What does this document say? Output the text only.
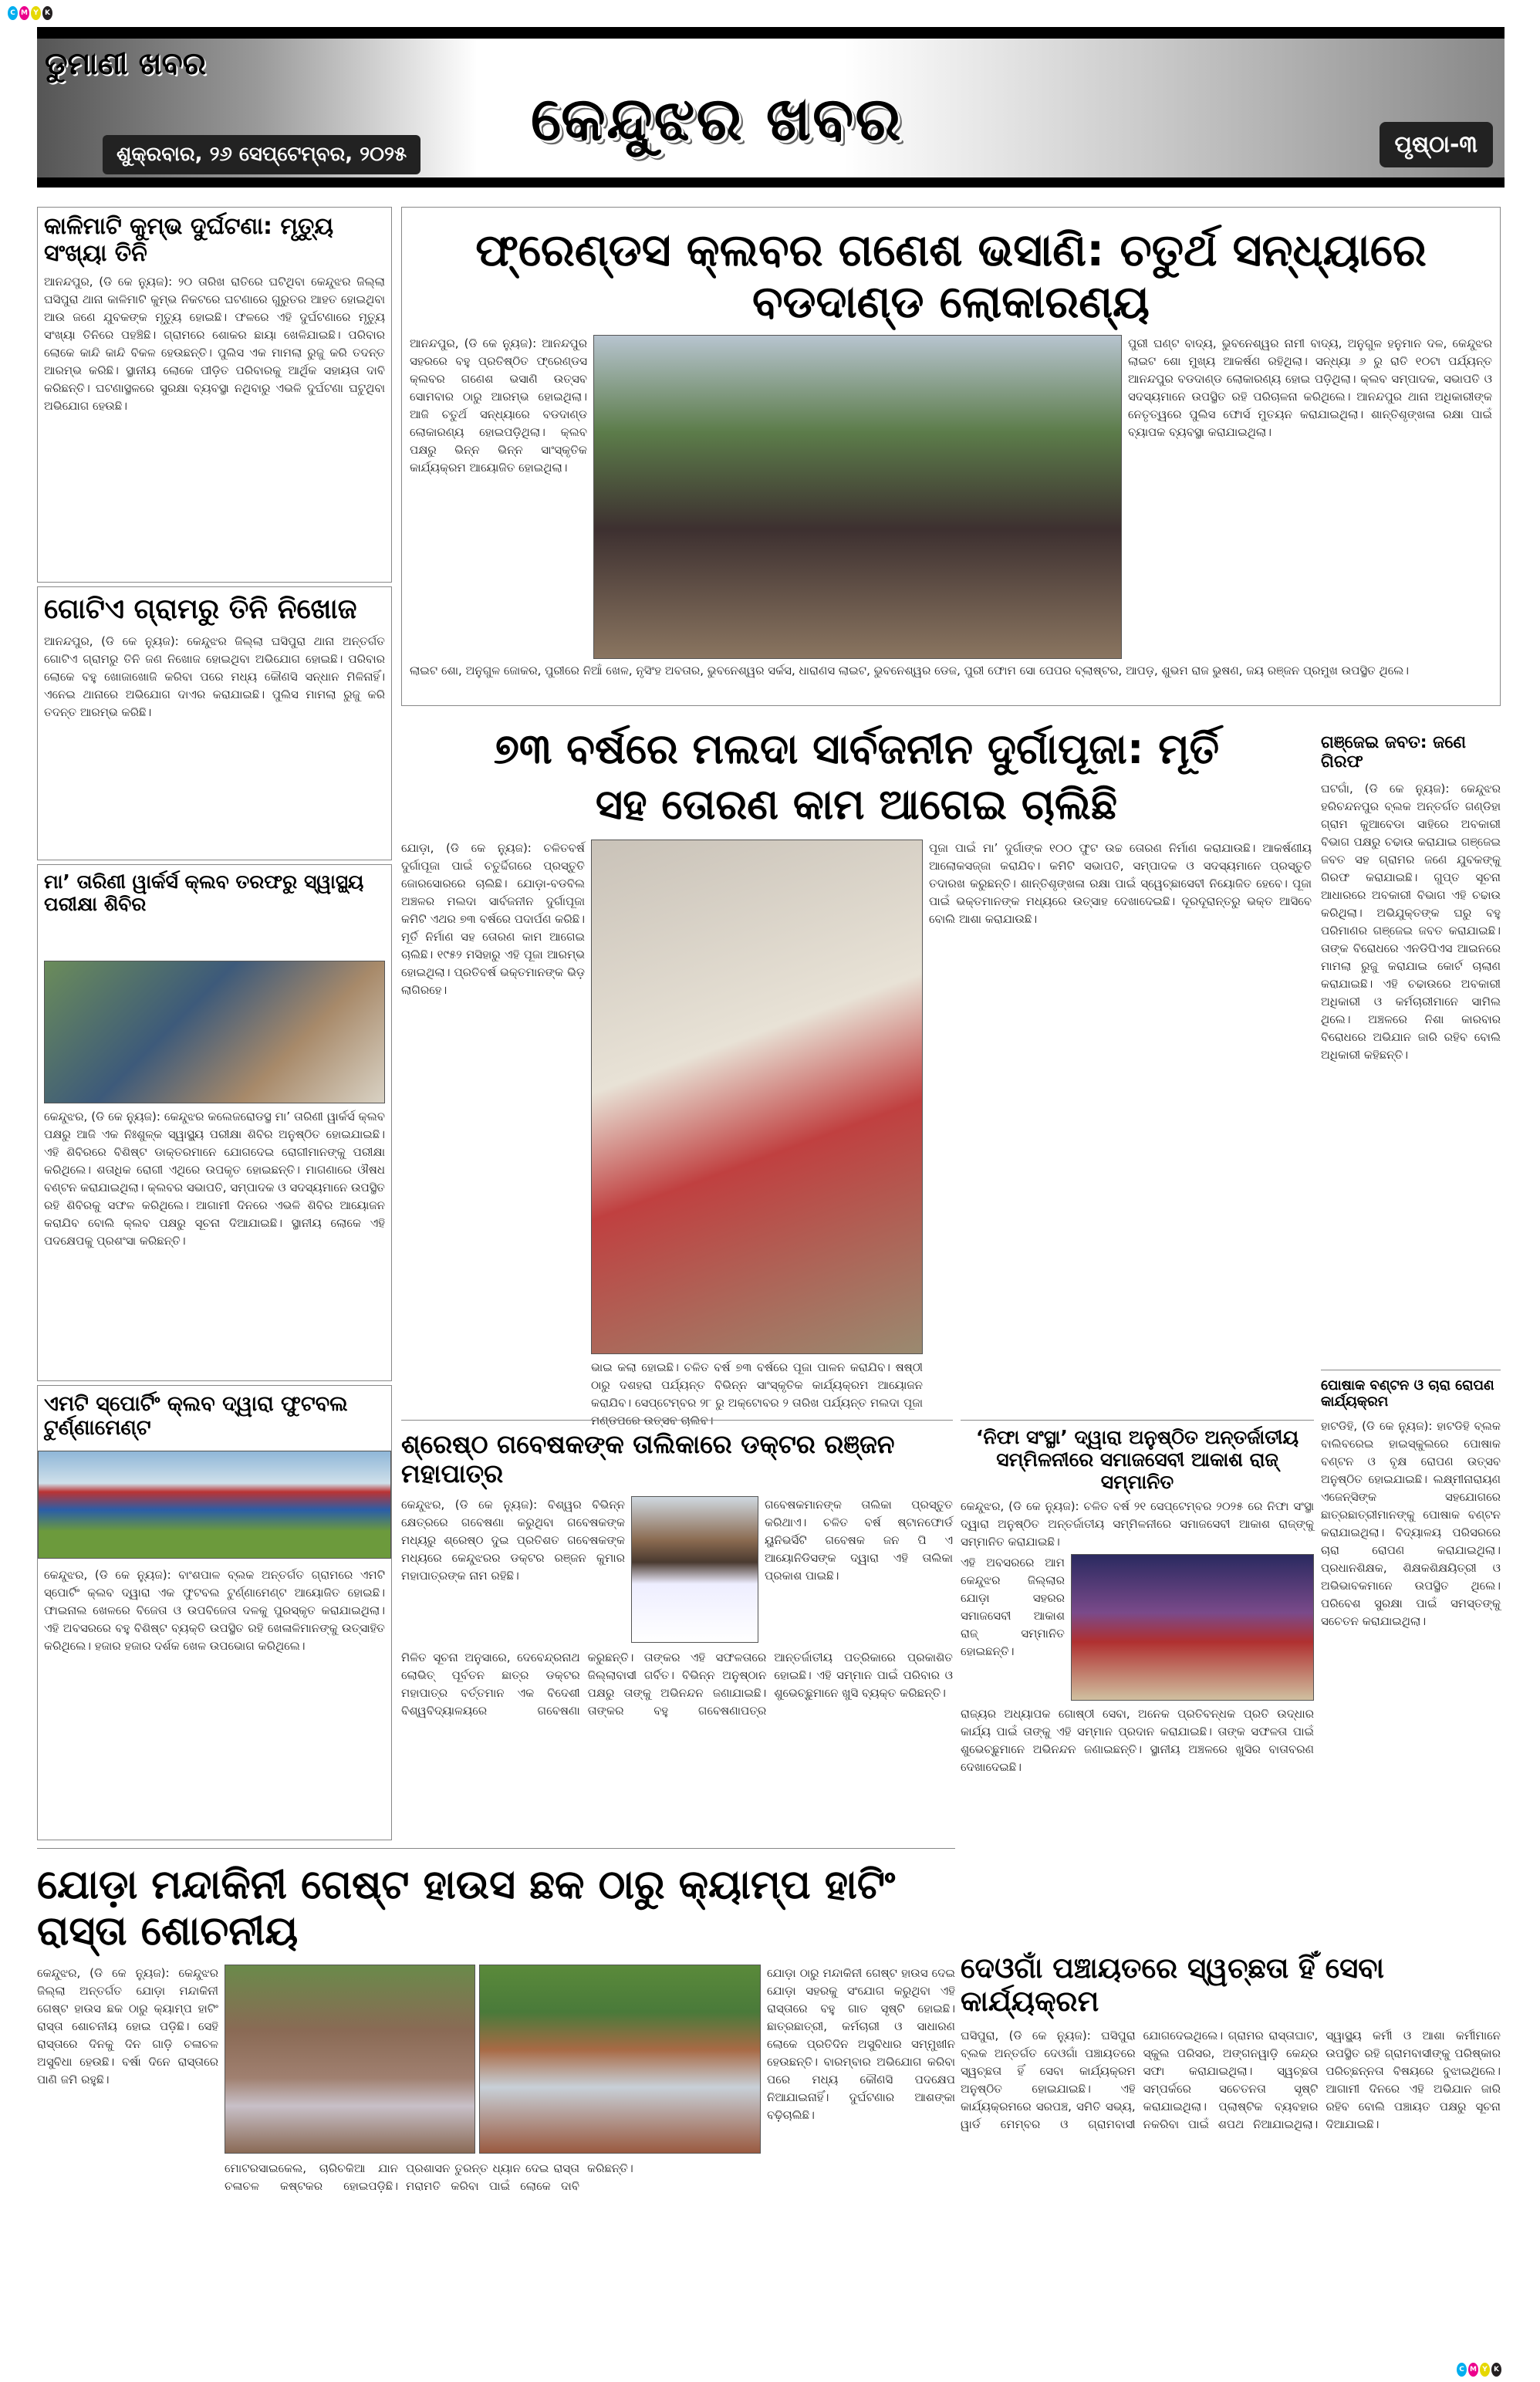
C M Y K
C M Y K
ଡୁମାଣୀ ଖବର
ଶୁକ୍ରବାର, ୨୬ ସେପ୍ଟେମ୍ବର, ୨୦୨୫ କେନ୍ଦୁଝର ଖବର	ପୃଷ୍ଠା-୩
କାଳିମାଟି କୁମ୍ଭ ଦୁର୍ଘଟଣା: ମୃତ୍ୟୁ ସଂଖ୍ୟା ତିନି
ଆନନ୍ଦପୁର, (ଡି କେ ନ୍ୟୁଜ): ୨୦ ତାରିଖ ରାତିରେ ଘଟିଥିବା କେନ୍ଦୁଝର ଜିଲ୍ଲା ଘସିପୁରା ଥାନା କାଳିମାଟି କୁମ୍ଭ ନିକଟରେ ଘଟଣାରେ ଗୁରୁତର ଆହତ ହୋଇଥିବା ଆଉ ଜଣେ ଯୁବକଙ୍କ ମୃତ୍ୟୁ ହୋଇଛି। ଫଳରେ ଏହି ଦୁର୍ଘଟଣାରେ ମୃତ୍ୟୁ ସଂଖ୍ୟା ତିନିରେ ପହଞ୍ଚିଛି। ଗ୍ରାମରେ ଶୋକର ଛାୟା ଖେଳିଯାଇଛି। ପରିବାର ଲୋକେ କାନ୍ଦି କାନ୍ଦି ବିକଳ ହେଉଛନ୍ତି। ପୁଲିସ ଏକ ମାମଲା ରୁଜୁ କରି ତଦନ୍ତ ଆରମ୍ଭ କରିଛି। ସ୍ଥାନୀୟ ଲୋକେ ପୀଡ଼ିତ ପରିବାରକୁ ଆର୍ଥିକ ସହାୟତା ଦାବି କରିଛନ୍ତି। ଘଟଣାସ୍ଥଳରେ ସୁରକ୍ଷା ବ୍ୟବସ୍ଥା ନଥିବାରୁ ଏଭଳି ଦୁର୍ଘଟଣା ଘଟୁଥିବା ଅଭିଯୋଗ ହେଉଛି।
ଗୋଟିଏ ଗ୍ରାମରୁ ତିନି ନିଖୋଜ
ଆନନ୍ଦପୁର, (ଡି କେ ନ୍ୟୁଜ): କେନ୍ଦୁଝର ଜିଲ୍ଲା ଘସିପୁରା ଥାନା ଅନ୍ତର୍ଗତ ଗୋଟିଏ ଗ୍ରାମରୁ ତିନି ଜଣ ନିଖୋଜ ହୋଇଥିବା ଅଭିଯୋଗ ହୋଇଛି। ପରିବାର ଲୋକେ ବହୁ ଖୋଜାଖୋଜି କରିବା ପରେ ମଧ୍ୟ କୌଣସି ସନ୍ଧାନ ମିଳିନାହିଁ। ଏନେଇ ଥାନାରେ ଅଭିଯୋଗ ଦାଏର କରାଯାଇଛି। ପୁଲିସ ମାମଲା ରୁଜୁ କରି ତଦନ୍ତ ଆରମ୍ଭ କରିଛି।
ମା’ ତାରିଣୀ ୱାର୍କର୍ସ କ୍ଲବ ତରଫରୁ ସ୍ୱାସ୍ଥ୍ୟ ପରୀକ୍ଷା ଶିବିର
କେନ୍ଦୁଝର, (ଡି କେ ନ୍ୟୁଜ): କେନ୍ଦୁଝର କଲେଜରୋଡସ୍ଥ ମା’ ତାରିଣୀ ୱାର୍କର୍ସ କ୍ଲବ ପକ୍ଷରୁ ଆଜି ଏକ ନିଃଶୁଳ୍କ ସ୍ୱାସ୍ଥ୍ୟ ପରୀକ୍ଷା ଶିବିର ଅନୁଷ୍ଠିତ ହୋଇଯାଇଛି। ଏହି ଶିବିରରେ ବିଶିଷ୍ଟ ଡାକ୍ତରମାନେ ଯୋଗଦେଇ ରୋଗୀମାନଙ୍କୁ ପରୀକ୍ଷା କରିଥିଲେ। ଶତାଧିକ ରୋଗୀ ଏଥିରେ ଉପକୃତ ହୋଇଛନ୍ତି। ମାଗଣାରେ ଔଷଧ ବଣ୍ଟନ କରାଯାଇଥିଲା। କ୍ଲବର ସଭାପତି, ସମ୍ପାଦକ ଓ ସଦସ୍ୟମାନେ ଉପସ୍ଥିତ ରହି ଶିବିରକୁ ସଫଳ କରିଥିଲେ। ଆଗାମୀ ଦିନରେ ଏଭଳି ଶିବିର ଆୟୋଜନ କରାଯିବ ବୋଲି କ୍ଲବ ପକ୍ଷରୁ ସୂଚନା ଦିଆଯାଇଛି। ସ୍ଥାନୀୟ ଲୋକେ ଏହି ପଦକ୍ଷେପକୁ ପ୍ରଶଂସା କରିଛନ୍ତି।
ଏମଟି ସ୍ପୋର୍ଟିଂ କ୍ଲବ ଦ୍ୱାରା ଫୁଟବଲ ଟୁର୍ଣ୍ଣାମେଣ୍ଟ
କେନ୍ଦୁଝର, (ଡି କେ ନ୍ୟୁଜ): ବାଂଶପାଳ ବ୍ଲକ ଅନ୍ତର୍ଗତ ଗ୍ରାମରେ ଏମଟି ସ୍ପୋର୍ଟିଂ କ୍ଲବ ଦ୍ୱାରା ଏକ ଫୁଟବଲ ଟୁର୍ଣ୍ଣାମେଣ୍ଟ ଆୟୋଜିତ ହୋଇଛି। ଫାଇନାଲ ଖେଳରେ ବିଜେତା ଓ ଉପବିଜେତା ଦଳକୁ ପୁରସ୍କୃତ କରାଯାଇଥିଲା। ଏହି ଅବସରରେ ବହୁ ବିଶିଷ୍ଟ ବ୍ୟକ୍ତି ଉପସ୍ଥିତ ରହି ଖେଳାଳିମାନଙ୍କୁ ଉତ୍ସାହିତ କରିଥିଲେ। ହଜାର ହଜାର ଦର୍ଶକ ଖେଳ ଉପଭୋଗ କରିଥିଲେ।
ଫ୍ରେଣ୍ଡସ କ୍ଲବର ଗଣେଶ ଭସାଣି: ଚତୁର୍ଥ ସନ୍ଧ୍ୟାରେ ବଡଦାଣ୍ଡ ଲୋକାରଣ୍ୟ
ଆନନ୍ଦପୁର, (ଡି କେ ନ୍ୟୁଜ): ଆନନ୍ଦପୁର ସହରରେ ବହୁ ପ୍ରତିଷ୍ଠିତ ଫ୍ରେଣ୍ଡସ କ୍ଲବର ଗଣେଶ ଭସାଣି ଉତ୍ସବ ସୋମବାର ଠାରୁ ଆରମ୍ଭ ହୋଇଥିଲା। ଆଜି ଚତୁର୍ଥ ସନ୍ଧ୍ୟାରେ ବଡଦାଣ୍ଡ ଲୋକାରଣ୍ୟ ହୋଇପଡ଼ିଥିଲା। କ୍ଲବ ପକ୍ଷରୁ ଭିନ୍ନ ଭିନ୍ନ ସାଂସ୍କୃତିକ କାର୍ଯ୍ୟକ୍ରମ ଆୟୋଜିତ ହୋଇଥିଲା।
ପୁରୀ ଘଣ୍ଟ ବାଦ୍ୟ, ଭୁବନେଶ୍ୱର ନାମୀ ବାଦ୍ୟ, ଅନୁଗୁଳ ହନୁମାନ ଦଳ, କେନ୍ଦୁଝର ଲାଇଟ ଶୋ ମୁଖ୍ୟ ଆକର୍ଷଣ ରହିଥିଲା। ସନ୍ଧ୍ୟା ୬ ରୁ ରାତି ୧୦ଟା ପର୍ଯ୍ୟନ୍ତ ଆନନ୍ଦପୁର ବଡଦାଣ୍ଡ ଲୋକାରଣ୍ୟ ହୋଇ ପଡ଼ିଥିଲା। କ୍ଲବ ସମ୍ପାଦକ, ସଭାପତି ଓ ସଦସ୍ୟମାନେ ଉପସ୍ଥିତ ରହି ପରିଚାଳନା କରିଥିଲେ। ଆନନ୍ଦପୁର ଥାନା ଅଧିକାରୀଙ୍କ ନେତୃତ୍ୱରେ ପୁଲିସ ଫୋର୍ସ ମୁତୟନ କରାଯାଇଥିଲା। ଶାନ୍ତିଶୃଙ୍ଖଳା ରକ୍ଷା ପାଇଁ ବ୍ୟାପକ ବ୍ୟବସ୍ଥା କରାଯାଇଥିଲା।
ଲାଇଟ ଶୋ, ଅନୁଗୁଳ ଜୋକର, ପୁରୀରେ ନିଆଁ ଖେଳ, ନୃସିଂହ ଅବତାର, ଭୁବନେଶ୍ୱର ସର୍କସ, ଧାରାଣସ ଲାଇଟ, ଭୁବନେଶ୍ୱର ଡେଜ, ପୁରୀ ଫୋମ ସୋ ପେପର ବ୍ଲାଷ୍ଟର, ଆପଡ଼, ଶୁଭମ ରାଜ ଭୁଷଣ, ଜୟ ରଞ୍ଜନ ପ୍ରମୁଖ ଉପସ୍ଥିତ ଥିଲେ।
୭୩ ବର୍ଷରେ ମଲଦା ସାର୍ବଜନୀନ ଦୁର୍ଗାପୂଜା: ମୂର୍ତି
ସହ ତୋରଣ କାମ ଆଗେଇ ଚାଲିଛି
ଯୋଡ଼ା, (ଡି କେ ନ୍ୟୁଜ): ଚଳିତବର୍ଷ ଦୁର୍ଗାପୂଜା ପାଇଁ ଚତୁର୍ଦ୍ଦିଗରେ ପ୍ରସ୍ତୁତି ଜୋରସୋରରେ ଚାଲିଛି। ଯୋଡ଼ା-ବଡବିଲ ଅଞ୍ଚଳର ମଲଦା ସାର୍ବଜନୀନ ଦୁର୍ଗାପୂଜା କମିଟି ଏଥର ୭୩ ବର୍ଷରେ ପଦାର୍ପଣ କରିଛି। ମୂର୍ତି ନିର୍ମାଣ ସହ ତୋରଣ କାମ ଆଗେଇ ଚାଲିଛି। ୧୯୫୨ ମସିହାରୁ ଏହି ପୂଜା ଆରମ୍ଭ ହୋଇଥିଲା। ପ୍ରତିବର୍ଷ ଭକ୍ତମାନଙ୍କ ଭିଡ଼ ଲାଗିରହେ।
ଭାଇ କଲା ହୋଇଛି। ଚଳିତ ବର୍ଷ ୭୩ ବର୍ଷରେ ପୂଜା ପାଳନ କରାଯିବ। ଷଷ୍ଠୀ ଠାରୁ ଦଶହରା ପର୍ଯ୍ୟନ୍ତ ବିଭିନ୍ନ ସାଂସ୍କୃତିକ କାର୍ଯ୍ୟକ୍ରମ ଆୟୋଜନ କରାଯିବ। ସେପ୍ଟେମ୍ବର ୨୮ ରୁ ଅକ୍ଟୋବର ୨ ତାରିଖ ପର୍ଯ୍ୟନ୍ତ ମଲଦା ପୂଜା ମଣ୍ଡପରେ ଉତ୍ସବ ଚାଲିବ।
ପୂଜା ପାଇଁ ମା’ ଦୁର୍ଗାଙ୍କ ୧୦୦ ଫୁଟ ଉଚ୍ଚ ତୋରଣ ନିର୍ମାଣ କରାଯାଉଛି। ଆକର୍ଷଣୀୟ ଆଲୋକସଜ୍ଜା କରାଯିବ। କମିଟି ସଭାପତି, ସମ୍ପାଦକ ଓ ସଦସ୍ୟମାନେ ପ୍ରସ୍ତୁତି ତଦାରଖ କରୁଛନ୍ତି। ଶାନ୍ତିଶୃଙ୍ଖଳା ରକ୍ଷା ପାଇଁ ସ୍ୱେଚ୍ଛାସେବୀ ନିୟୋଜିତ ହେବେ। ପୂଜା ପାଇଁ ଭକ୍ତମାନଙ୍କ ମଧ୍ୟରେ ଉତ୍ସାହ ଦେଖାଦେଇଛି। ଦୂରଦୂରାନ୍ତରୁ ଭକ୍ତ ଆସିବେ ବୋଲି ଆଶା କରାଯାଉଛି।
ଗଞ୍ଜେଇ ଜବତ: ଜଣେ ଗିରଫ
ଘଟଗାଁ, (ଡି କେ ନ୍ୟୁଜ): କେନ୍ଦୁଝର ହରିଚନ୍ଦନପୁର ବ୍ଲକ ଅନ୍ତର୍ଗତ ଗଣ୍ଡିହା ଗ୍ରାମ କୁଆବେଡା ସାହିରେ ଅବକାରୀ ବିଭାଗ ପକ୍ଷରୁ ଚଢାଉ କରାଯାଇ ଗଞ୍ଜେଇ ଜବତ ସହ ଗ୍ରାମର ଜଣେ ଯୁବକଙ୍କୁ ଗିରଫ କରାଯାଇଛି। ଗୁପ୍ତ ସୂଚନା ଆଧାରରେ ଅବକାରୀ ବିଭାଗ ଏହି ଚଢାଉ କରିଥିଲା। ଅଭିଯୁକ୍ତଙ୍କ ଘରୁ ବହୁ ପରିମାଣର ଗଞ୍ଜେଇ ଜବତ କରାଯାଇଛି। ତାଙ୍କ ବିରୋଧରେ ଏନଡିପିଏସ ଆଇନରେ ମାମଲା ରୁଜୁ କରାଯାଇ କୋର୍ଟ ଚାଲାଣ କରାଯାଇଛି। ଏହି ଚଢାଉରେ ଅବକାରୀ ଅଧିକାରୀ ଓ କର୍ମଚାରୀମାନେ ସାମିଲ ଥିଲେ। ଅଞ୍ଚଳରେ ନିଶା କାରବାର ବିରୋଧରେ ଅଭିଯାନ ଜାରି ରହିବ ବୋଲି ଅଧିକାରୀ କହିଛନ୍ତି।
ପୋଷାକ ବଣ୍ଟନ ଓ ଚାରା ରୋପଣ କାର୍ଯ୍ୟକ୍ରମ
ହାଟଡିହି, (ଡି କେ ନ୍ୟୁଜ): ହାଟଡିହି ବ୍ଲକ ବାଲିବରେଇ ହାଇସ୍କୁଲରେ ପୋଷାକ ବଣ୍ଟନ ଓ ବୃକ୍ଷ ରୋପଣ ଉତ୍ସବ ଅନୁଷ୍ଠିତ ହୋଇଯାଇଛି। ଲକ୍ଷ୍ମୀନାରାୟଣ ଏଜେନ୍ସିଙ୍କ ସହଯୋଗରେ ଛାତ୍ରଛାତ୍ରୀମାନଙ୍କୁ ପୋଷାକ ବଣ୍ଟନ କରାଯାଇଥିଲା। ବିଦ୍ୟାଳୟ ପରିସରରେ ଚାରା ରୋପଣ କରାଯାଇଥିଲା। ପ୍ରଧାନଶିକ୍ଷକ, ଶିକ୍ଷକଶିକ୍ଷୟିତ୍ରୀ ଓ ଅଭିଭାବକମାନେ ଉପସ୍ଥିତ ଥିଲେ। ପରିବେଶ ସୁରକ୍ଷା ପାଇଁ ସମସ୍ତଙ୍କୁ ସଚେତନ କରାଯାଇଥିଲା।
ଶ୍ରେଷ୍ଠ ଗବେଷକଙ୍କ ତାଲିକାରେ ଡକ୍ଟର ରଞ୍ଜନ ମହାପାତ୍ର
କେନ୍ଦୁଝର, (ଡି କେ ନ୍ୟୁଜ): ବିଶ୍ୱର ବିଭିନ୍ନ କ୍ଷେତ୍ରରେ ଗବେଷଣା କରୁଥିବା ଗବେଷକଙ୍କ ମଧ୍ୟରୁ ଶ୍ରେଷ୍ଠ ଦୁଇ ପ୍ରତିଶତ ଗବେଷକଙ୍କ ମଧ୍ୟରେ କେନ୍ଦୁଝରର ଡକ୍ଟର ରଞ୍ଜନ କୁମାର ମହାପାତ୍ରଙ୍କ ନାମ ରହିଛି।
ଗବେଷକମାନଙ୍କ ତାଲିକା ପ୍ରସ୍ତୁତ କରିଥାଏ। ଚଳିତ ବର୍ଷ ଷ୍ଟାନଫୋର୍ଡ ୟୁନିଭର୍ସିଟି ଗବେଷକ ଜନ ପି ଏ ଆୟୋନିଡିସଙ୍କ ଦ୍ୱାରା ଏହି ତାଲିକା ପ୍ରକାଶ ପାଇଛି।
ମିଳିତ ସୂଚନା ଅନୁସାରେ, ଦେବେନ୍ଦ୍ରନାଥ ଲୋଭିତ୍ ପୂର୍ବତନ ଛାତ୍ର ଡକ୍ଟର ମହାପାତ୍ର ବର୍ତ୍ତମାନ ଏକ ବିଦେଶୀ ବିଶ୍ୱବିଦ୍ୟାଳୟରେ ଗବେଷଣା କରୁଛନ୍ତି। ତାଙ୍କର ଏହି ସଫଳତାରେ ଜିଲ୍ଲାବାସୀ ଗର୍ବିତ। ବିଭିନ୍ନ ଅନୁଷ୍ଠାନ ପକ୍ଷରୁ ତାଙ୍କୁ ଅଭିନନ୍ଦନ ଜଣାଯାଇଛି। ତାଙ୍କର ବହୁ ଗବେଷଣାପତ୍ର ଆନ୍ତର୍ଜାତୀୟ ପତ୍ରିକାରେ ପ୍ରକାଶିତ ହୋଇଛି। ଏହି ସମ୍ମାନ ପାଇଁ ପରିବାର ଓ ଶୁଭେଚ୍ଛୁମାନେ ଖୁସି ବ୍ୟକ୍ତ କରିଛନ୍ତି।
‘ନିଫା ସଂସ୍ଥା’ ଦ୍ୱାରା ଅନୁଷ୍ଠିତ ଅନ୍ତର୍ଜାତୀୟ
ସମ୍ମିଳନୀରେ ସମାଜସେବୀ ଆକାଶ ରାଜ୍ ସମ୍ମାନିତ
କେନ୍ଦୁଝର, (ଡି କେ ନ୍ୟୁଜ): ଚଳିତ ବର୍ଷ ୨୧ ସେପ୍ଟେମ୍ବର ୨୦୨୫ ରେ ନିଫା ସଂସ୍ଥା ଦ୍ୱାରା ଅନୁଷ୍ଠିତ ଅନ୍ତର୍ଜାତୀୟ ସମ୍ମିଳନୀରେ ସମାଜସେବୀ ଆକାଶ ରାଜ୍ଙ୍କୁ ସମ୍ମାନିତ କରାଯାଇଛି।
ଏହି ଅବସରରେ ଆମ କେନ୍ଦୁଝର ଜିଲ୍ଲାର ଯୋଡ଼ା ସହରର ସମାଜସେବୀ ଆକାଶ ରାଜ୍ ସମ୍ମାନିତ ହୋଇଛନ୍ତି।
ରାଜ୍ୟର ଅଧ୍ୟାପକ ଗୋଷ୍ଠୀ ସେବା, ଅନେକ ପ୍ରତିବନ୍ଧକ ପ୍ରତି ଉଦ୍ଧାର କାର୍ଯ୍ୟ ପାଇଁ ତାଙ୍କୁ ଏହି ସମ୍ମାନ ପ୍ରଦାନ କରାଯାଇଛି। ତାଙ୍କ ସଫଳତା ପାଇଁ ଶୁଭେଚ୍ଛୁମାନେ ଅଭିନନ୍ଦନ ଜଣାଇଛନ୍ତି। ସ୍ଥାନୀୟ ଅଞ୍ଚଳରେ ଖୁସିର ବାତାବରଣ ଦେଖାଦେଇଛି।
ଯୋଡ଼ା ମନ୍ଦାକିନୀ ଗେଷ୍ଟ ହାଉସ ଛକ ଠାରୁ କ୍ୟାମ୍ପ ହାଟିଂ ରାସ୍ତା ଶୋଚନୀୟ
କେନ୍ଦୁଝର, (ଡି କେ ନ୍ୟୁଜ): କେନ୍ଦୁଝର ଜିଲ୍ଲା ଅନ୍ତର୍ଗତ ଯୋଡ଼ା ମନ୍ଦାକିନୀ ଗେଷ୍ଟ ହାଉସ ଛକ ଠାରୁ କ୍ୟାମ୍ପ ହାଟିଂ ରାସ୍ତା ଶୋଚନୀୟ ହୋଇ ପଡ଼ିଛି। ସେହି ରାସ୍ତାରେ ଦିନକୁ ଦିନ ଗାଡ଼ି ଚଳାଚଳ ଅସୁବିଧା ହେଉଛି। ବର୍ଷା ଦିନେ ରାସ୍ତାରେ ପାଣି ଜମି ରହୁଛି।
ମୋଟରସାଇକେଲ, ଚାରିଚକିଆ ଯାନ ଚଳାଚଳ କଷ୍ଟକର ହୋଇପଡ଼ିଛି। ପ୍ରଶାସନ ତୁରନ୍ତ ଧ୍ୟାନ ଦେଇ ରାସ୍ତା ମରାମତି କରିବା ପାଇଁ ଲୋକେ ଦାବି କରିଛନ୍ତି।
ଯୋଡ଼ା ଠାରୁ ମନ୍ଦାକିନୀ ଗେଷ୍ଟ ହାଉସ ଦେଇ ଯୋଡ଼ା ସହରକୁ ସଂଯୋଗ କରୁଥିବା ଏହି ରାସ୍ତାରେ ବହୁ ଗାତ ସୃଷ୍ଟି ହୋଇଛି। ଛାତ୍ରଛାତ୍ରୀ, କର୍ମଚାରୀ ଓ ସାଧାରଣ ଲୋକେ ପ୍ରତିଦିନ ଅସୁବିଧାର ସମ୍ମୁଖୀନ ହେଉଛନ୍ତି। ବାରମ୍ବାର ଅଭିଯୋଗ କରିବା ପରେ ମଧ୍ୟ କୌଣସି ପଦକ୍ଷେପ ନିଆଯାଇନାହିଁ। ଦୁର୍ଘଟଣାର ଆଶଙ୍କା ବଢ଼ିଚାଲିଛି।
ଦେଓଗାଁ ପଞ୍ଚାୟତରେ ସ୍ୱଚ୍ଛତା ହିଁ ସେବା କାର୍ଯ୍ୟକ୍ରମ
ଘସିପୁରା, (ଡି କେ ନ୍ୟୁଜ): ଘସିପୁରା ବ୍ଲକ ଅନ୍ତର୍ଗତ ଦେଓଗାଁ ପଞ୍ଚାୟତରେ ସ୍ୱଚ୍ଛତା ହିଁ ସେବା କାର୍ଯ୍ୟକ୍ରମ ଅନୁଷ୍ଠିତ ହୋଇଯାଇଛି। ଏହି କାର୍ଯ୍ୟକ୍ରମରେ ସରପଞ୍ଚ, ସମିତି ସଭ୍ୟ, ୱାର୍ଡ ମେମ୍ବର ଓ ଗ୍ରାମବାସୀ ଯୋଗଦେଇଥିଲେ। ଗ୍ରାମର ରାସ୍ତାଘାଟ, ସ୍କୁଲ ପରିସର, ଅଙ୍ଗନୱାଡ଼ି କେନ୍ଦ୍ର ସଫା କରାଯାଇଥିଲା। ସ୍ୱଚ୍ଛତା ସମ୍ପର୍କରେ ସଚେତନତା ସୃଷ୍ଟି କରାଯାଇଥିଲା। ପ୍ଲାଷ୍ଟିକ ବ୍ୟବହାର ନକରିବା ପାଇଁ ଶପଥ ନିଆଯାଇଥିଲା। ସ୍ୱାସ୍ଥ୍ୟ କର୍ମୀ ଓ ଆଶା କର୍ମୀମାନେ ଉପସ୍ଥିତ ରହି ଗ୍ରାମବାସୀଙ୍କୁ ପରିଷ୍କାର ପରିଚ୍ଛନ୍ନତା ବିଷୟରେ ବୁଝାଇଥିଲେ। ଆଗାମୀ ଦିନରେ ଏହି ଅଭିଯାନ ଜାରି ରହିବ ବୋଲି ପଞ୍ଚାୟତ ପକ୍ଷରୁ ସୂଚନା ଦିଆଯାଇଛି।
